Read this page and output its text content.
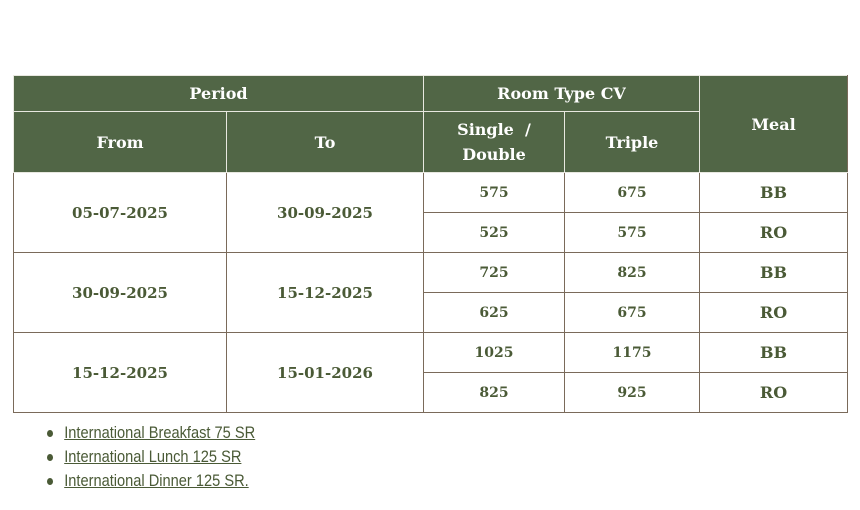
Period		Room Type CV		Meal
From	To	Single  /  Double	Triple	
05-07-2025	30-09-2025	575	675	BB
		525	575	RO
30-09-2025	15-12-2025	725	825	BB
		625	675	RO
15-12-2025	15-01-2026	1025	1175	BB
		825	925	RO
International Breakfast 75 SR
International Lunch 125 SR
International Dinner 125 SR.
